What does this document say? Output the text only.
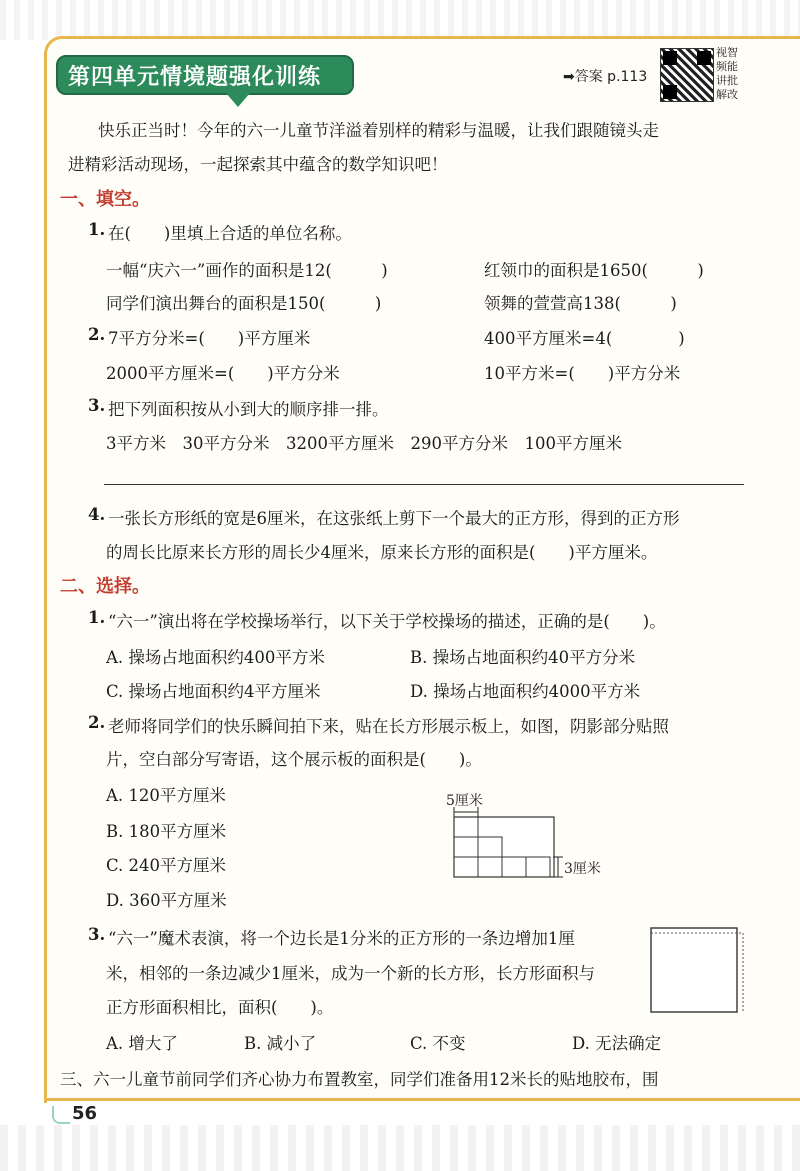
56
第四单元情境题强化训练	➡答案 p.113
视智
频能
讲批
解改
快乐正当时！今年的六一儿童节洋溢着别样的精彩与温暖，让我们跟随镜头走
进精彩活动现场，一起探索其中蕴含的数学知识吧！
一、填空。
1. 在(　　)里填上合适的单位名称。
一幅“庆六一”画作的面积是12(　　　)	红领巾的面积是1650(　　　)
同学们演出舞台的面积是150(　　　)	领舞的萱萱高138(　　　)
2. 7平方分米=(　　)平方厘米	400平方厘米=4(　　　　)
2000平方厘米=(　　)平方分米	10平方米=(　　)平方分米
3. 把下列面积按从小到大的顺序排一排。
3平方米　30平方分米　3200平方厘米　290平方分米　100平方厘米
4. 一张长方形纸的宽是6厘米，在这张纸上剪下一个最大的正方形，得到的正方形
的周长比原来长方形的周长少4厘米，原来长方形的面积是(　　)平方厘米。
二、选择。
1. “六一”演出将在学校操场举行，以下关于学校操场的描述，正确的是(　　)。
A. 操场占地面积约400平方米	B. 操场占地面积约40平方分米
C. 操场占地面积约4平方厘米	D. 操场占地面积约4000平方米
2. 老师将同学们的快乐瞬间拍下来，贴在长方形展示板上，如图，阴影部分贴照
片，空白部分写寄语，这个展示板的面积是(　　)。
A. 120平方厘米
B. 180平方厘米
C. 240平方厘米
D. 360平方厘米
5厘米
3厘米
3. “六一”魔术表演，将一个边长是1分米的正方形的一条边增加1厘
米，相邻的一条边减少1厘米，成为一个新的长方形，长方形面积与
正方形面积相比，面积(　　)。
A. 增大了	B. 减小了	C. 不变	D. 无法确定
三、六一儿童节前同学们齐心协力布置教室，同学们准备用12米长的贴地胶布，围
